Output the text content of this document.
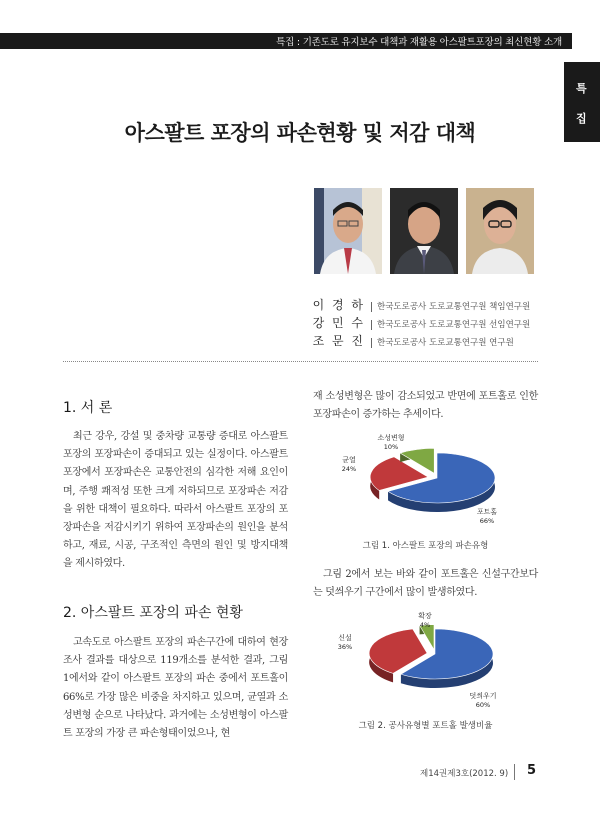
특집 : 기존도로 유지보수 대책과 재활용 아스팔트포장의 최신현황 소개
특
집
아스팔트 포장의 파손현황 및 저감 대책
이 경 하 한국도로공사 도로교통연구원 책임연구원
강 민 수 한국도로공사 도로교통연구원 선임연구원
조 문 진 한국도로공사 도로교통연구원 연구원
1. 서 론
최근 강우, 강설 및 중차량 교통량 증대로 아스팔트 포장의 포장파손이 증대되고 있는 실정이다. 아스팔트 포장에서 포장파손은 교통안전의 심각한 저해 요인이며, 주행 쾌적성 또한 크게 저하되므로 포장파손 저감을 위한 대책이 필요하다. 따라서 아스팔트 포장의 포장파손을 저감시키기 위하여 포장파손의 원인을 분석하고, 재료, 시공, 구조적인 측면의 원인 및 방지대책을 제시하였다.
2. 아스팔트 포장의 파손 현황
고속도로 아스팔트 포장의 파손구간에 대하여 현장조사 결과를 대상으로 119개소를 분석한 결과, 그림 1에서와 같이 아스팔트 포장의 파손 중에서 포트홀이 66%로 가장 많은 비중을 차지하고 있으며, 균열과 소성변형 순으로 나타났다. 과거에는 소성변형이 아스팔트 포장의 가장 큰 파손형태이었으나, 현
재 소성변형은 많이 감소되었고 반면에 포트홀로 인한 포장파손이 증가하는 추세이다.
포트홀
66%
균열
24%
소성변형
10%
그림 1. 아스팔트 포장의 파손유형
그림 2에서 보는 바와 같이 포트홀은 신설구간보다는 덧씌우기 구간에서 많이 발생하였다.
덧씌우기
60%
신설
36%
확장
4%
그림 2. 공사유형별 포트홀 발생비율
제14권제3호(2012. 9) 5
